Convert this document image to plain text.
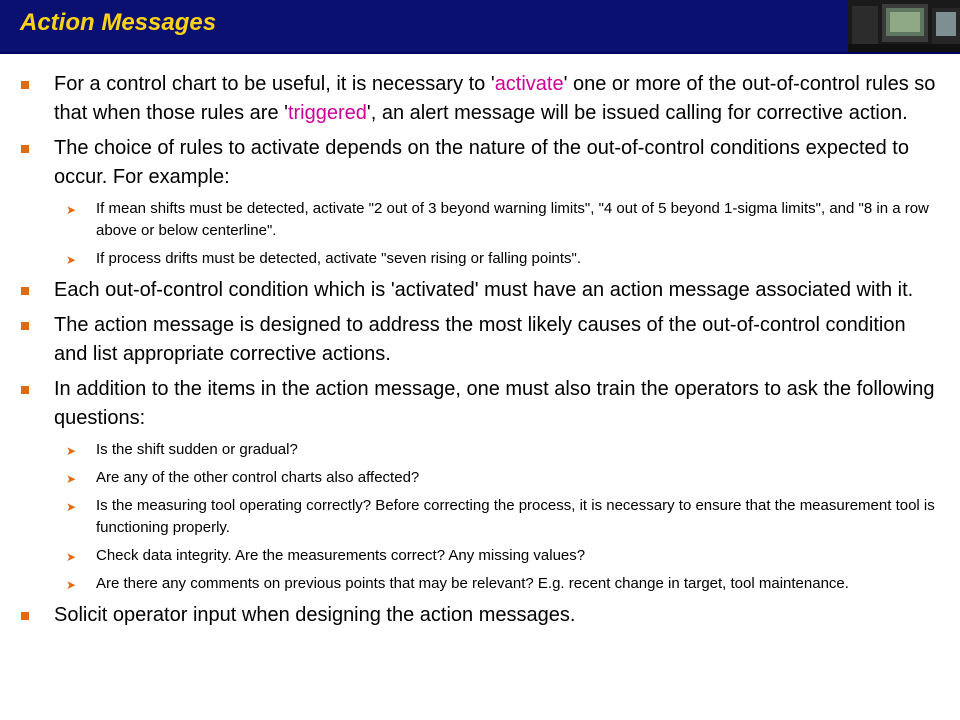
Action Messages
For a control chart to be useful, it is necessary to 'activate' one or more of the out-of-control rules so that when those rules are 'triggered', an alert message will be issued calling for corrective action.
The choice of rules to activate depends on the nature of the out-of-control conditions expected to occur. For example:
➤ If mean shifts must be detected, activate "2 out of 3 beyond warning limits", "4 out of 5 beyond 1-sigma limits", and "8 in a row above or below centerline".
➤ If process drifts must be detected, activate "seven rising or falling points".
Each out-of-control condition which is 'activated' must have an action message associated with it.
The action message is designed to address the most likely causes of the out-of-control condition and list appropriate corrective actions.
In addition to the items in the action message, one must also train the operators to ask the following questions:
➤ Is the shift sudden or gradual?
➤ Are any of the other control charts also affected?
➤ Is the measuring tool operating correctly? Before correcting the process, it is necessary to ensure that the measurement tool is functioning properly.
➤ Check data integrity. Are the measurements correct? Any missing values?
➤ Are there any comments on previous points that may be relevant? E.g. recent change in target, tool maintenance.
Solicit operator input when designing the action messages.
